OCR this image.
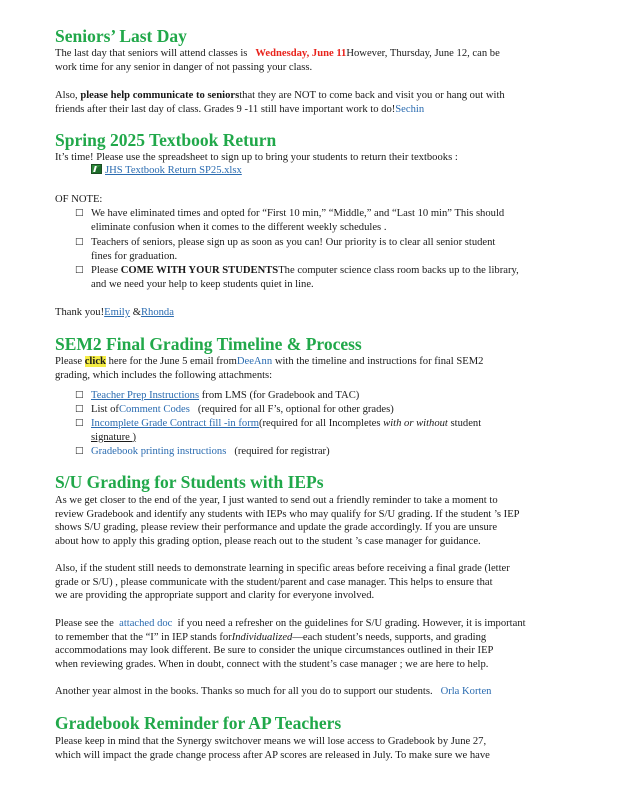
Seniors’ Last Day

The last day that seniors will attend classes is Wednesday, June 11However, Thursday, June 12, can be

work time for any senior in danger of not passing your class.

Also, please help communicate to seniorsthat they are NOT to come back and visit you or hang out with

friends after their last day of class. Grades 9 -11 still have important work to do!Sechin

Spring 2025 Textbook Return

It’s time! Please use the spreadsheet to sign up to bring your students to return their textbooks :

JHS Textbook Return SP25.xlsx
OF NOTE:
□ We have eliminated times and opted for “First 10 min,” “Middle,” and “Last 10 min” This should
eliminate confusion when it comes to the different weekly schedules .
□ Teachers of seniors, please sign up as soon as you can! Our priority is to clear all senior student
fines for graduation.
□ Please COME WITH YOUR STUDENTSThe computer science class room backs up to the library,
and we need your help to keep students quiet in line.
Thank you!Emily &Rhonda
SEM2 Final Grading Timeline & Process

Please click here for the June 5 email fromDeeAnn with the timeline and instructions for final SEM2

grading, which includes the following attachments:

□ Teacher Prep Instructions from LMS (for Gradebook and TAC)
□ List ofComment Codes (required for all F’s, optional for other grades)
□ Incomplete Grade Contract fill -in form(required for all Incompletes with or without student
signature )
□ Gradebook printing instructions (required for registrar)
S/U Grading for Students with IEPs

As we get closer to the end of the year, I just wanted to send out a friendly reminder to take a moment to

review Gradebook and identify any students with IEPs who may qualify for S/U grading. If the student ’s IEP

shows S/U grading, please review their performance and update the grade accordingly. If you are unsure

about how to apply this grading option, please reach out to the student ’s case manager for guidance.

Also, if the student still needs to demonstrate learning in specific areas before receiving a final grade (letter

grade or S/U) , please communicate with the student/parent and case manager. This helps to ensure that

we are providing the appropriate support and clarity for everyone involved.

Please see the attached doc if you need a refresher on the guidelines for S/U grading. However, it is important

to remember that the “I” in IEP stands forIndividualized—each student’s needs, supports, and grading

accommodations may look different. Be sure to consider the unique circumstances outlined in their IEP

when reviewing grades. When in doubt, connect with the student’s case manager ; we are here to help.

Another year almost in the books. Thanks so much for all you do to support our students. Orla Korten
Gradebook Reminder for AP Teachers

Please keep in mind that the Synergy switchover means we will lose access to Gradebook by June 27,

which will impact the grade change process after AP scores are released in July. To make sure we have
